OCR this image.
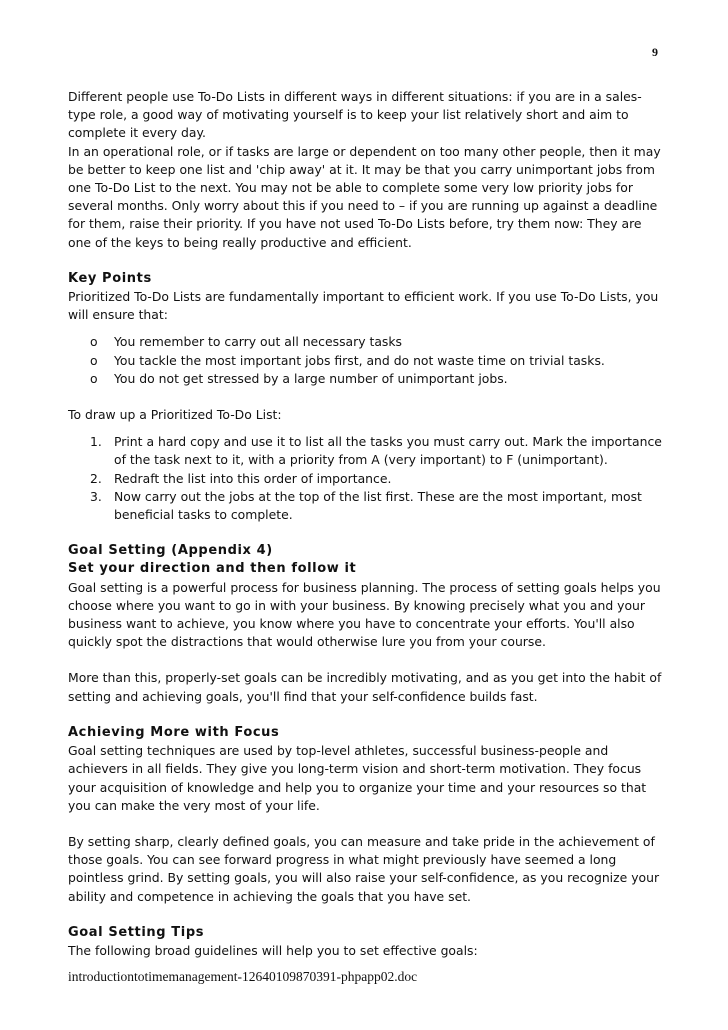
9

Different people use To-Do Lists in different ways in different situations: if you are in a sales-type role, a good way of motivating yourself is to keep your list relatively short and aim to complete it every day.

In an operational role, or if tasks are large or dependent on too many other people, then it may be better to keep one list and 'chip away' at it. It may be that you carry unimportant jobs from one To-Do List to the next. You may not be able to complete some very low priority jobs for several months. Only worry about this if you need to – if you are running up against a deadline for them, raise their priority. If you have not used To-Do Lists before, try them now: They are one of the keys to being really productive and efficient.

Key Points

Prioritized To-Do Lists are fundamentally important to efficient work. If you use To-Do Lists, you will ensure that:

o You remember to carry out all necessary tasks
o You tackle the most important jobs first, and do not waste time on trivial tasks.
o You do not get stressed by a large number of unimportant jobs.

To draw up a Prioritized To-Do List:

1. Print a hard copy and use it to list all the tasks you must carry out. Mark the importance of the task next to it, with a priority from A (very important) to F (unimportant).
2. Redraft the list into this order of importance.
3. Now carry out the jobs at the top of the list first. These are the most important, most beneficial tasks to complete.
Goal Setting (Appendix 4)
Set your direction and then follow it

Goal setting is a powerful process for business planning. The process of setting goals helps you choose where you want to go in with your business. By knowing precisely what you and your business want to achieve, you know where you have to concentrate your efforts. You'll also quickly spot the distractions that would otherwise lure you from your course.

More than this, properly-set goals can be incredibly motivating, and as you get into the habit of setting and achieving goals, you'll find that your self-confidence builds fast.

Achieving More with Focus

Goal setting techniques are used by top-level athletes, successful business-people and achievers in all fields. They give you long-term vision and short-term motivation. They focus your acquisition of knowledge and help you to organize your time and your resources so that you can make the very most of your life.

By setting sharp, clearly defined goals, you can measure and take pride in the achievement of those goals. You can see forward progress in what might previously have seemed a long pointless grind. By setting goals, you will also raise your self-confidence, as you recognize your ability and competence in achieving the goals that you have set.

Goal Setting Tips

The following broad guidelines will help you to set effective goals:

introductiontotimemanagement-12640109870391-phpapp02.doc
